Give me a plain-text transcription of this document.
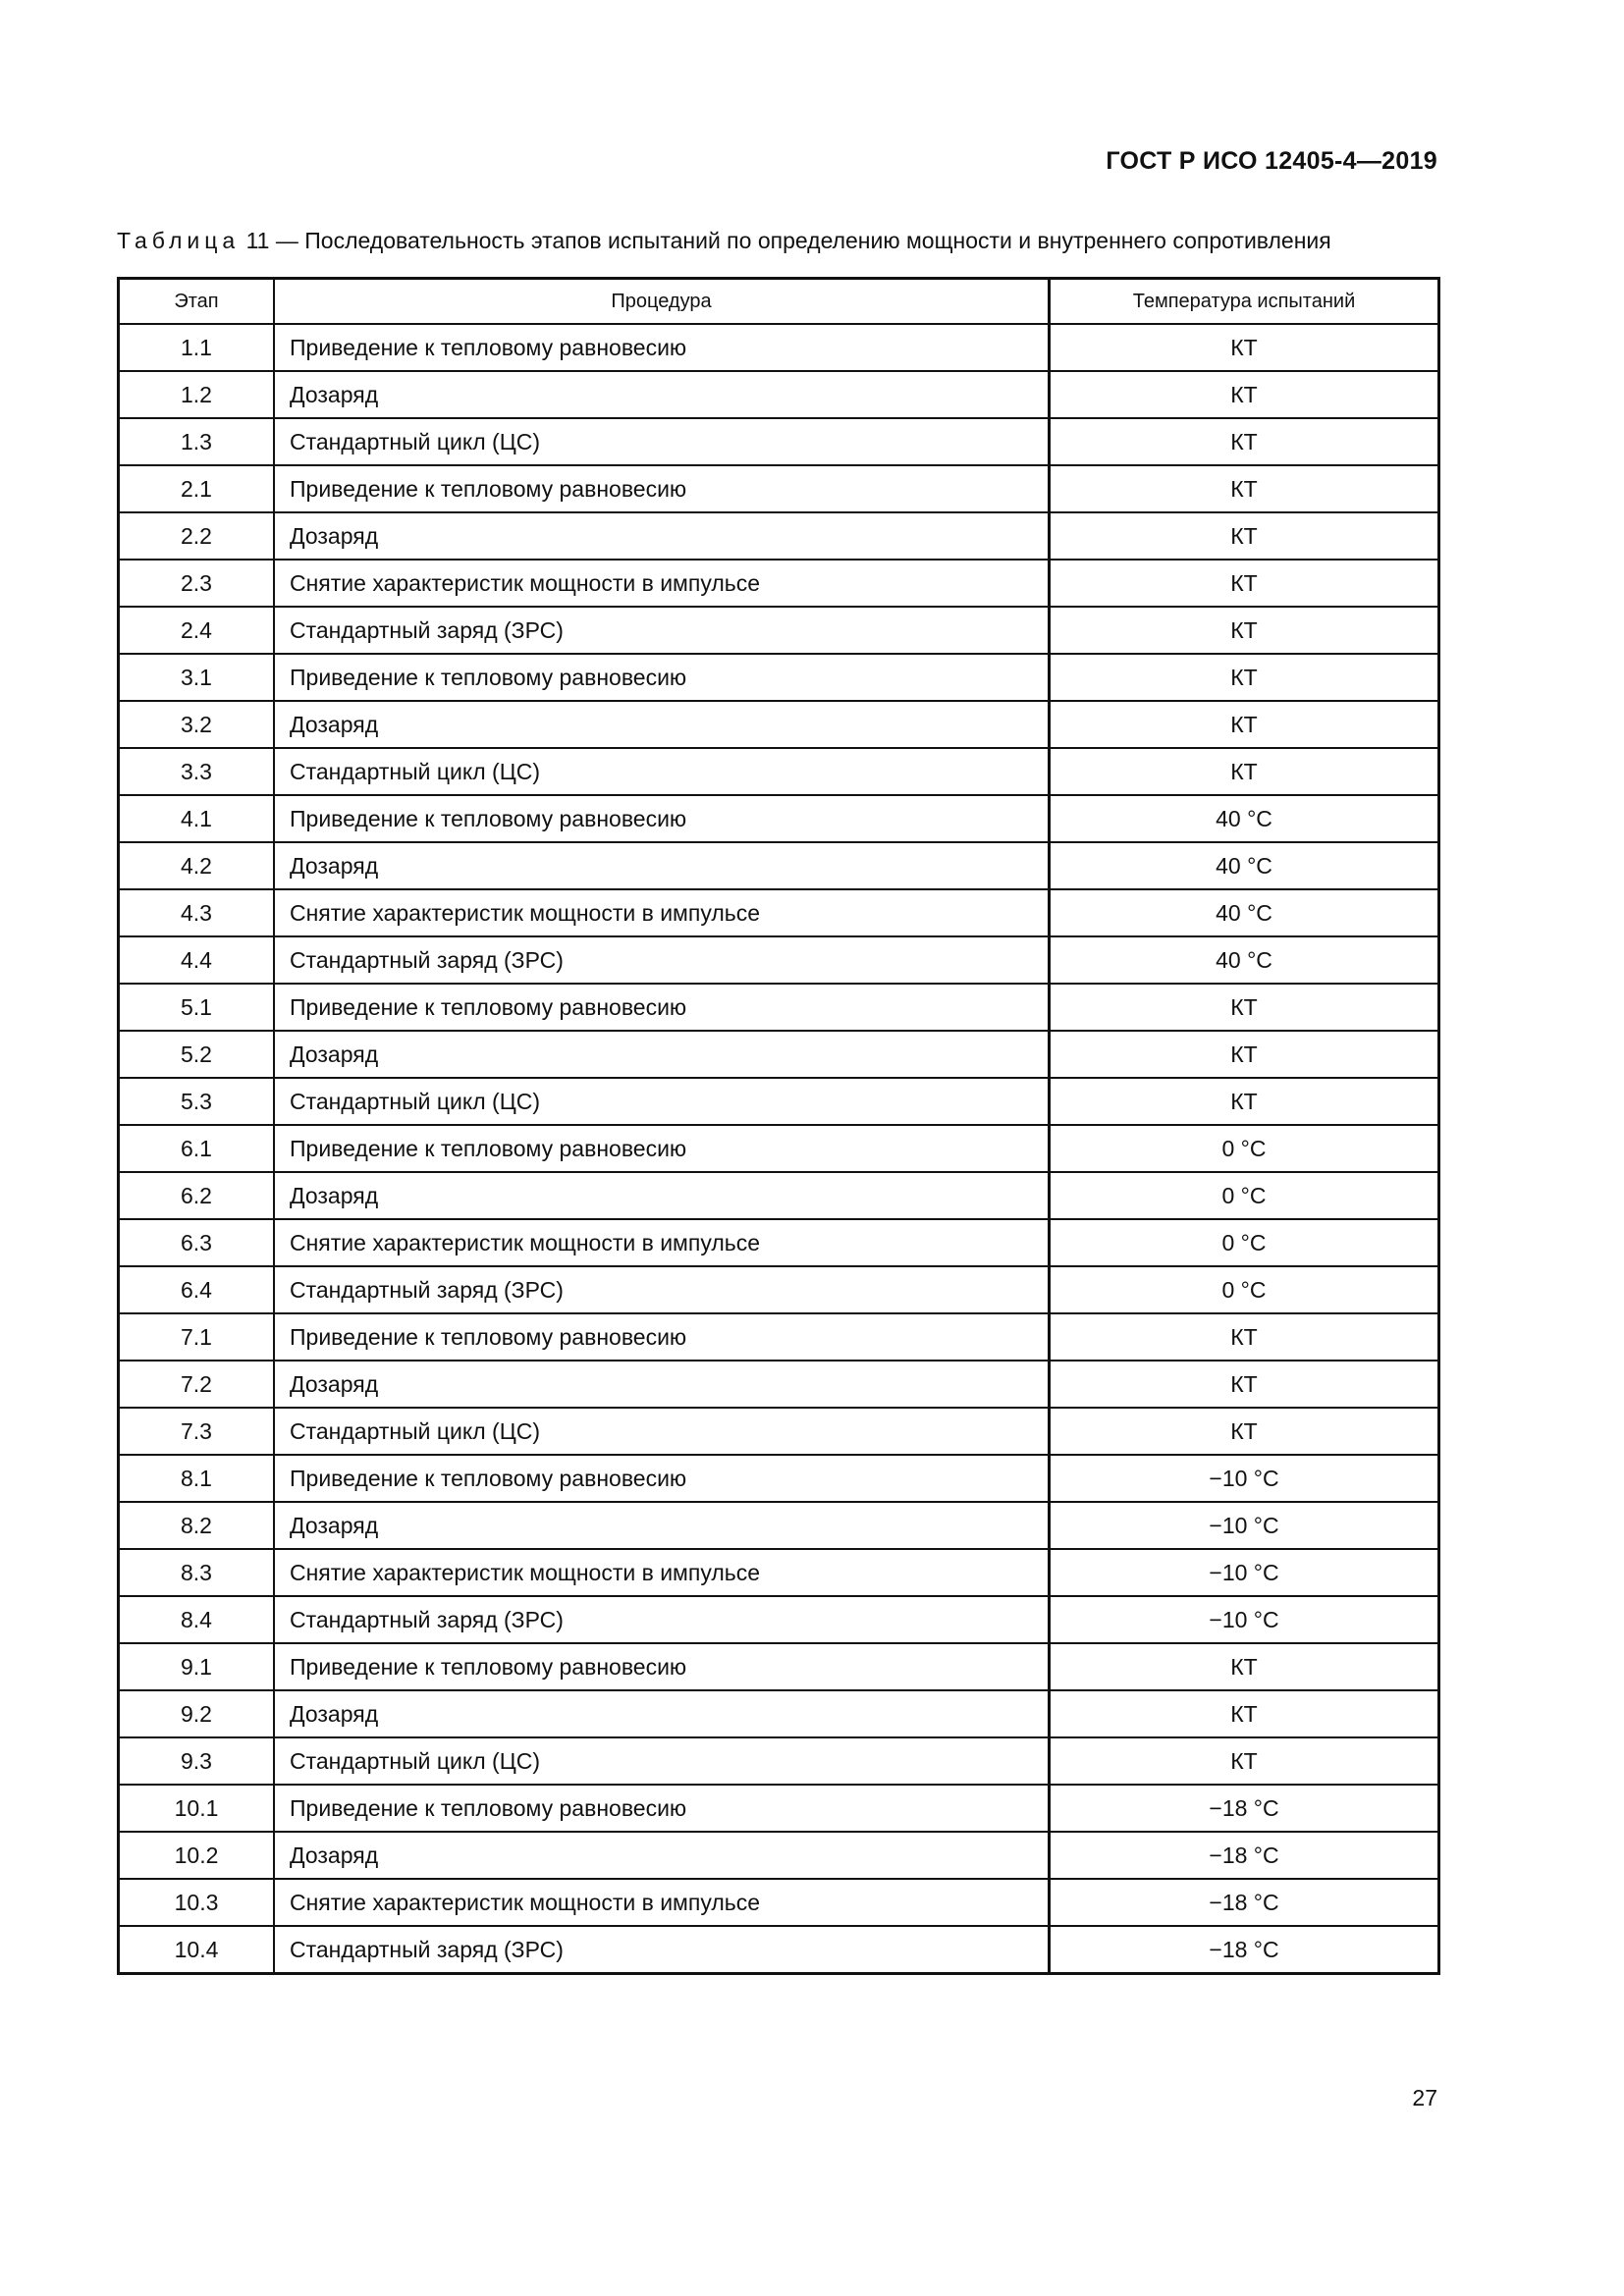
ГОСТ Р ИСО 12405-4—2019
Таблица 11 — Последовательность этапов испытаний по определению мощности и внутреннего сопротивления
Этап	Процедура	Температура испытаний
1.1	Приведение к тепловому равновесию	КТ
1.2	Дозаряд	КТ
1.3	Стандартный цикл (ЦС)	КТ
2.1	Приведение к тепловому равновесию	КТ
2.2	Дозаряд	КТ
2.3	Снятие характеристик мощности в импульсе	КТ
2.4	Стандартный заряд (ЗРС)	КТ
3.1	Приведение к тепловому равновесию	КТ
3.2	Дозаряд	КТ
3.3	Стандартный цикл (ЦС)	КТ
4.1	Приведение к тепловому равновесию	40 °С
4.2	Дозаряд	40 °С
4.3	Снятие характеристик мощности в импульсе	40 °С
4.4	Стандартный заряд (ЗРС)	40 °С
5.1	Приведение к тепловому равновесию	КТ
5.2	Дозаряд	КТ
5.3	Стандартный цикл (ЦС)	КТ
6.1	Приведение к тепловому равновесию	0 °С
6.2	Дозаряд	0 °С
6.3	Снятие характеристик мощности в импульсе	0 °С
6.4	Стандартный заряд (ЗРС)	0 °С
7.1	Приведение к тепловому равновесию	КТ
7.2	Дозаряд	КТ
7.3	Стандартный цикл (ЦС)	КТ
8.1	Приведение к тепловому равновесию	−10 °С
8.2	Дозаряд	−10 °С
8.3	Снятие характеристик мощности в импульсе	−10 °С
8.4	Стандартный заряд (ЗРС)	−10 °С
9.1	Приведение к тепловому равновесию	КТ
9.2	Дозаряд	КТ
9.3	Стандартный цикл (ЦС)	КТ
10.1	Приведение к тепловому равновесию	−18 °С
10.2	Дозаряд	−18 °С
10.3	Снятие характеристик мощности в импульсе	−18 °С
10.4	Стандартный заряд (ЗРС)	−18 °С
27
